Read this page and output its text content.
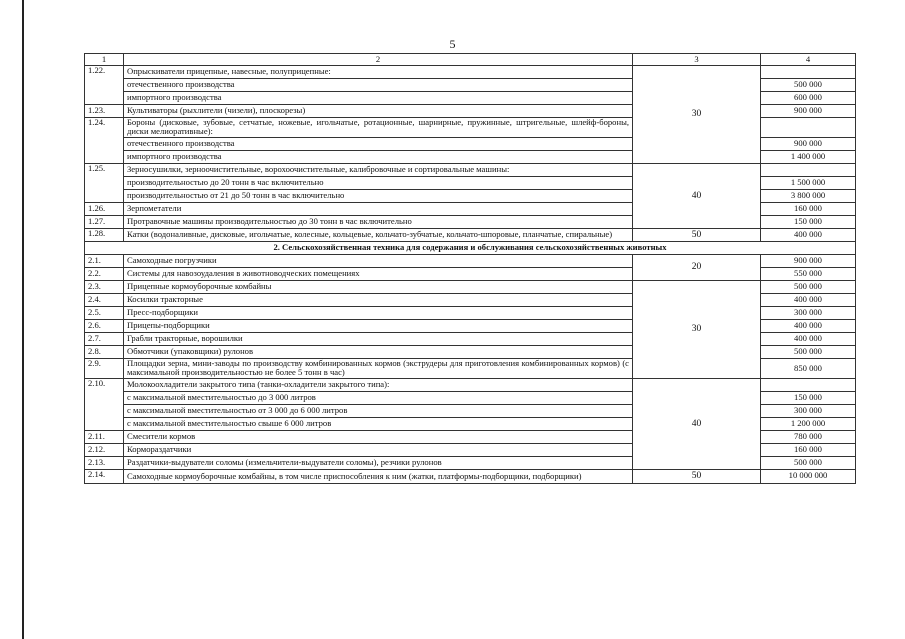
5
1	2	3	4
1.22.	Опрыскиватели прицепные, навесные, полуприцепные:	30	
	отечественного производства		500 000
	импортного производства		600 000
1.23.	Культиваторы (рыхлители (чизели), плоскорезы)		900 000
1.24.	Бороны (дисковые, зубовые, сетчатые, ножевые, игольчатые, ротационные, шарнирные, пружинные, штригельные, шлейф-бороны, диски мелиоративные):		
	отечественного производства		900 000
	импортного производства		1 400 000
1.25.	Зерносушилки, зерноочистительные, ворохоочистительные, калибровочные и сортировальные машины:	40	
	производительностью до 20 тонн в час включительно		1 500 000
	производительностью от 21 до 50 тонн в час включительно		3 800 000
1.26.	Зерпометатели		160 000
1.27.	Протравочные машины производительностью до 30 тонн в час включительно		150 000
1.28.	Катки (водоналивные, дисковые, игольчатые, колесные, кольцевые, кольчато-зубчатые, кольчато-шпоровые, планчатые, спиральные)	50	400 000
2. Сельскохозяйственная техника для содержания и обслуживания сельскохозяйственных животных			
2.1.	Самоходные погрузчики	20	900 000
2.2.	Системы для навозоудаления в животноводческих помещениях		550 000
2.3.	Прицепные кормоуборочные комбайны	30	500 000
2.4.	Косилки тракторные		400 000
2.5.	Пресс-подборщики		300 000
2.6.	Прицепы-подборщики		400 000
2.7.	Грабли тракторные, ворошилки		400 000
2.8.	Обмотчики (упаковщики) рулонов		500 000
2.9.	Площадки зерна, мини-заводы по производству комбинированных кормов (экструдеры для приготовления комбинированных кормов) (с максимальной производительностью не более 5 тонн в час)		850 000
2.10.	Молокоохладители закрытого типа (танки-охладители закрытого типа):	40	
	с максимальной вместительностью до 3 000 литров		150 000
	с максимальной вместительностью от 3 000 до 6 000 литров		300 000
	с максимальной вместительностью свыше 6 000 литров		1 200 000
2.11.	Смесители кормов		780 000
2.12.	Кормораздатчики		160 000
2.13.	Раздатчики-выдуватели соломы (измельчители-выдуватели соломы), резчики рулонов		500 000
2.14.	Самоходные кормоуборочные комбайны, в том числе приспособления к ним (жатки, платформы-подборщики, подборщики)	50	10 000 000
